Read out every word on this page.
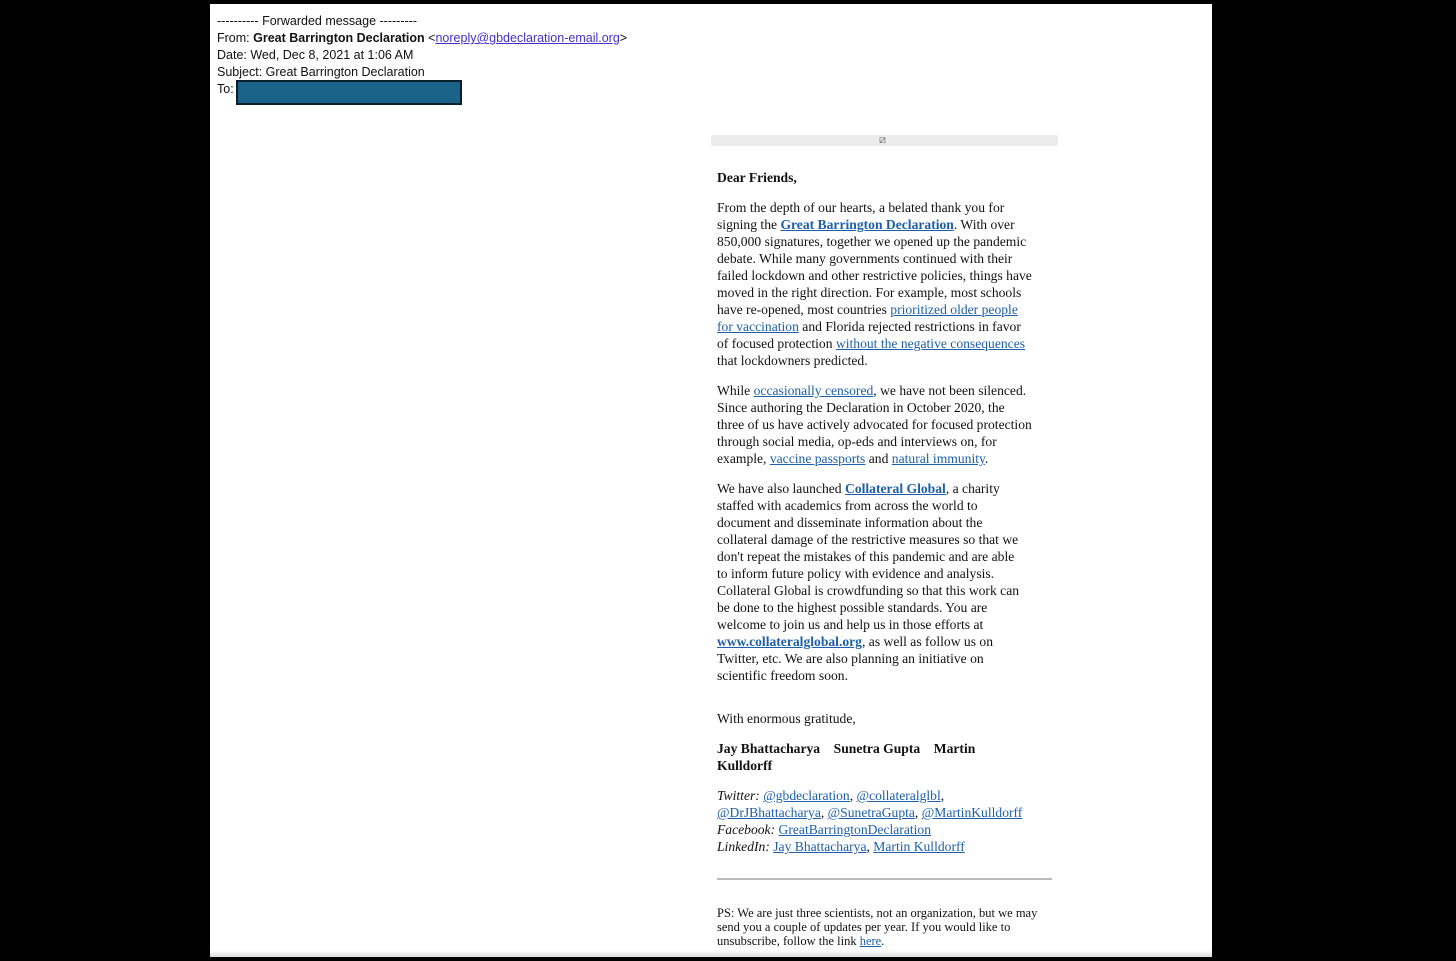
---------- Forwarded message ---------
From: Great Barrington Declaration <noreply@gbdeclaration-email.org>
Date: Wed, Dec 8, 2021 at 1:06 AM
Subject: Great Barrington Declaration
To:
⧄

Dear Friends,

From the depth of our hearts, a belated thank you for
signing the Great Barrington Declaration. With over
850,000 signatures, together we opened up the pandemic
debate. While many governments continued with their
failed lockdown and other restrictive policies, things have
moved in the right direction. For example, most schools
have re-opened, most countries prioritized older people
for vaccination and Florida rejected restrictions in favor
of focused protection without the negative consequences
that lockdowners predicted.

While occasionally censored, we have not been silenced.
Since authoring the Declaration in October 2020, the
three of us have actively advocated for focused protection
through social media, op-eds and interviews on, for
example, vaccine passports and natural immunity.

We have also launched Collateral Global, a charity
staffed with academics from across the world to
document and disseminate information about the
collateral damage of the restrictive measures so that we
don't repeat the mistakes of this pandemic and are able
to inform future policy with evidence and analysis.
Collateral Global is crowdfunding so that this work can
be done to the highest possible standards. You are
welcome to join us and help us in those efforts at
www.collateralglobal.org, as well as follow us on
Twitter, etc. We are also planning an initiative on
scientific freedom soon.

With enormous gratitude,

Jay Bhattacharya    Sunetra Gupta    Martin
Kulldorff

Twitter: @gbdeclaration, @collateralglbl,
@DrJBhattacharya, @SunetraGupta, @MartinKulldorff
Facebook: GreatBarringtonDeclaration
LinkedIn: Jay Bhattacharya, Martin Kulldorff

PS: We are just three scientists, not an organization, but we may
send you a couple of updates per year. If you would like to
unsubscribe, follow the link here.
